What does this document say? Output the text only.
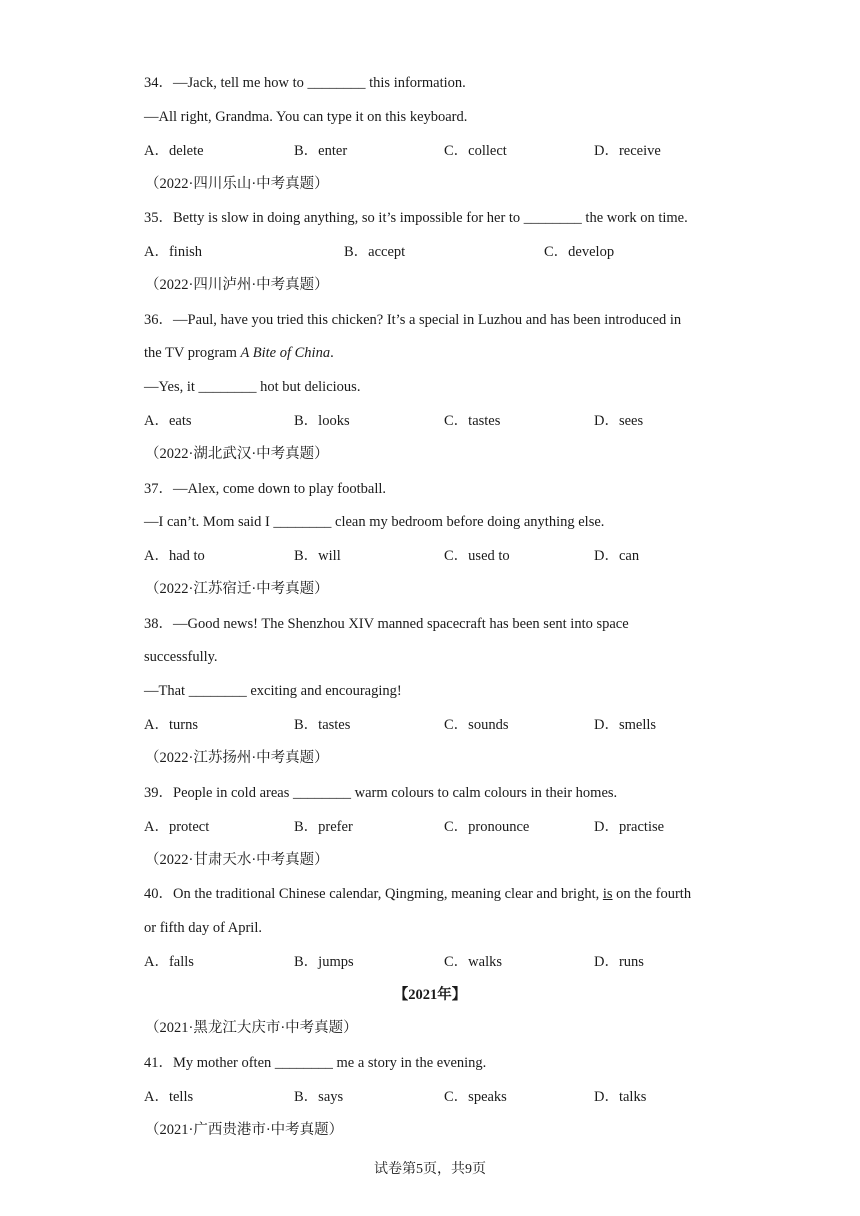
34．—Jack, tell me how to ________ this information.
—All right, Grandma. You can type it on this keyboard.
A．delete	B．enter	C．collect	D．receive
（2022·四川乐山·中考真题）
35．Betty is slow in doing anything, so it’s impossible for her to ________ the work on time.
A．finish	B．accept	C．develop
（2022·四川泸州·中考真题）
36．—Paul, have you tried this chicken? It’s a special in Luzhou and has been introduced in
the TV program A Bite of China.
—Yes, it ________ hot but delicious.
A．eats	B．looks	C．tastes	D．sees
（2022·湖北武汉·中考真题）
37．—Alex, come down to play football.
—I can’t. Mom said I ________ clean my bedroom before doing anything else.
A．had to	B．will	C．used to	D．can
（2022·江苏宿迁·中考真题）
38．—Good news! The Shenzhou XIV manned spacecraft has been sent into space
successfully.
—That ________ exciting and encouraging!
A．turns	B．tastes	C．sounds	D．smells
（2022·江苏扬州·中考真题）
39．People in cold areas ________ warm colours to calm colours in their homes.
A．protect	B．prefer	C．pronounce	D．practise
（2022·甘肃天水·中考真题）
40．On the traditional Chinese calendar, Qingming, meaning clear and bright, is on the fourth
or fifth day of April.
A．falls	B．jumps	C．walks	D．runs
【2021年】
（2021·黑龙江大庆市·中考真题）
41．My mother often ________ me a story in the evening.
A．tells	B．says	C．speaks	D．talks
（2021·广西贵港市·中考真题）
试卷第5页，共9页
